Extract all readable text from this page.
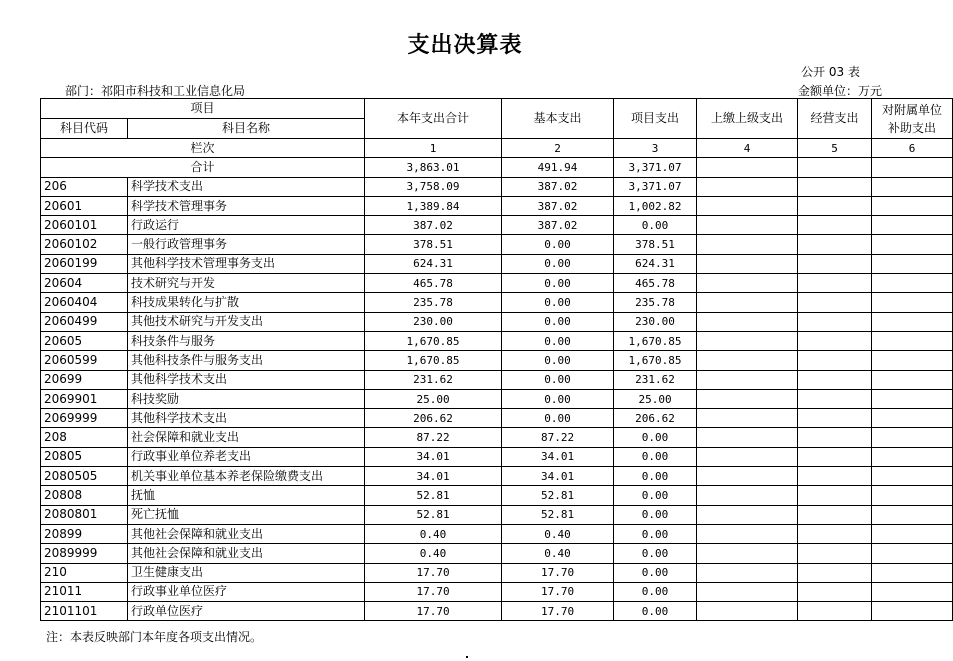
支出决算表
公开 03 表
部门：祁阳市科技和工业信息化局	金额单位：万元
项目		本年支出合计	基本支出	项目支出	上缴上级支出	经营支出	对附属单位
补助支出
科目代码	科目名称						
栏次		1	2	3	4	5	6
合计		3,863.01	491.94	3,371.07			
206	科学技术支出	3,758.09	387.02	3,371.07			
20601	科学技术管理事务	1,389.84	387.02	1,002.82			
2060101	行政运行	387.02	387.02	0.00			
2060102	一般行政管理事务	378.51	0.00	378.51			
2060199	其他科学技术管理事务支出	624.31	0.00	624.31			
20604	技术研究与开发	465.78	0.00	465.78			
2060404	科技成果转化与扩散	235.78	0.00	235.78			
2060499	其他技术研究与开发支出	230.00	0.00	230.00			
20605	科技条件与服务	1,670.85	0.00	1,670.85			
2060599	其他科技条件与服务支出	1,670.85	0.00	1,670.85			
20699	其他科学技术支出	231.62	0.00	231.62			
2069901	科技奖励	25.00	0.00	25.00			
2069999	其他科学技术支出	206.62	0.00	206.62			
208	社会保障和就业支出	87.22	87.22	0.00			
20805	行政事业单位养老支出	34.01	34.01	0.00			
2080505	机关事业单位基本养老保险缴费支出	34.01	34.01	0.00			
20808	抚恤	52.81	52.81	0.00			
2080801	死亡抚恤	52.81	52.81	0.00			
20899	其他社会保障和就业支出	0.40	0.40	0.00			
2089999	其他社会保障和就业支出	0.40	0.40	0.00			
210	卫生健康支出	17.70	17.70	0.00			
21011	行政事业单位医疗	17.70	17.70	0.00			
2101101	行政单位医疗	17.70	17.70	0.00			
注：本表反映部门本年度各项支出情况。
